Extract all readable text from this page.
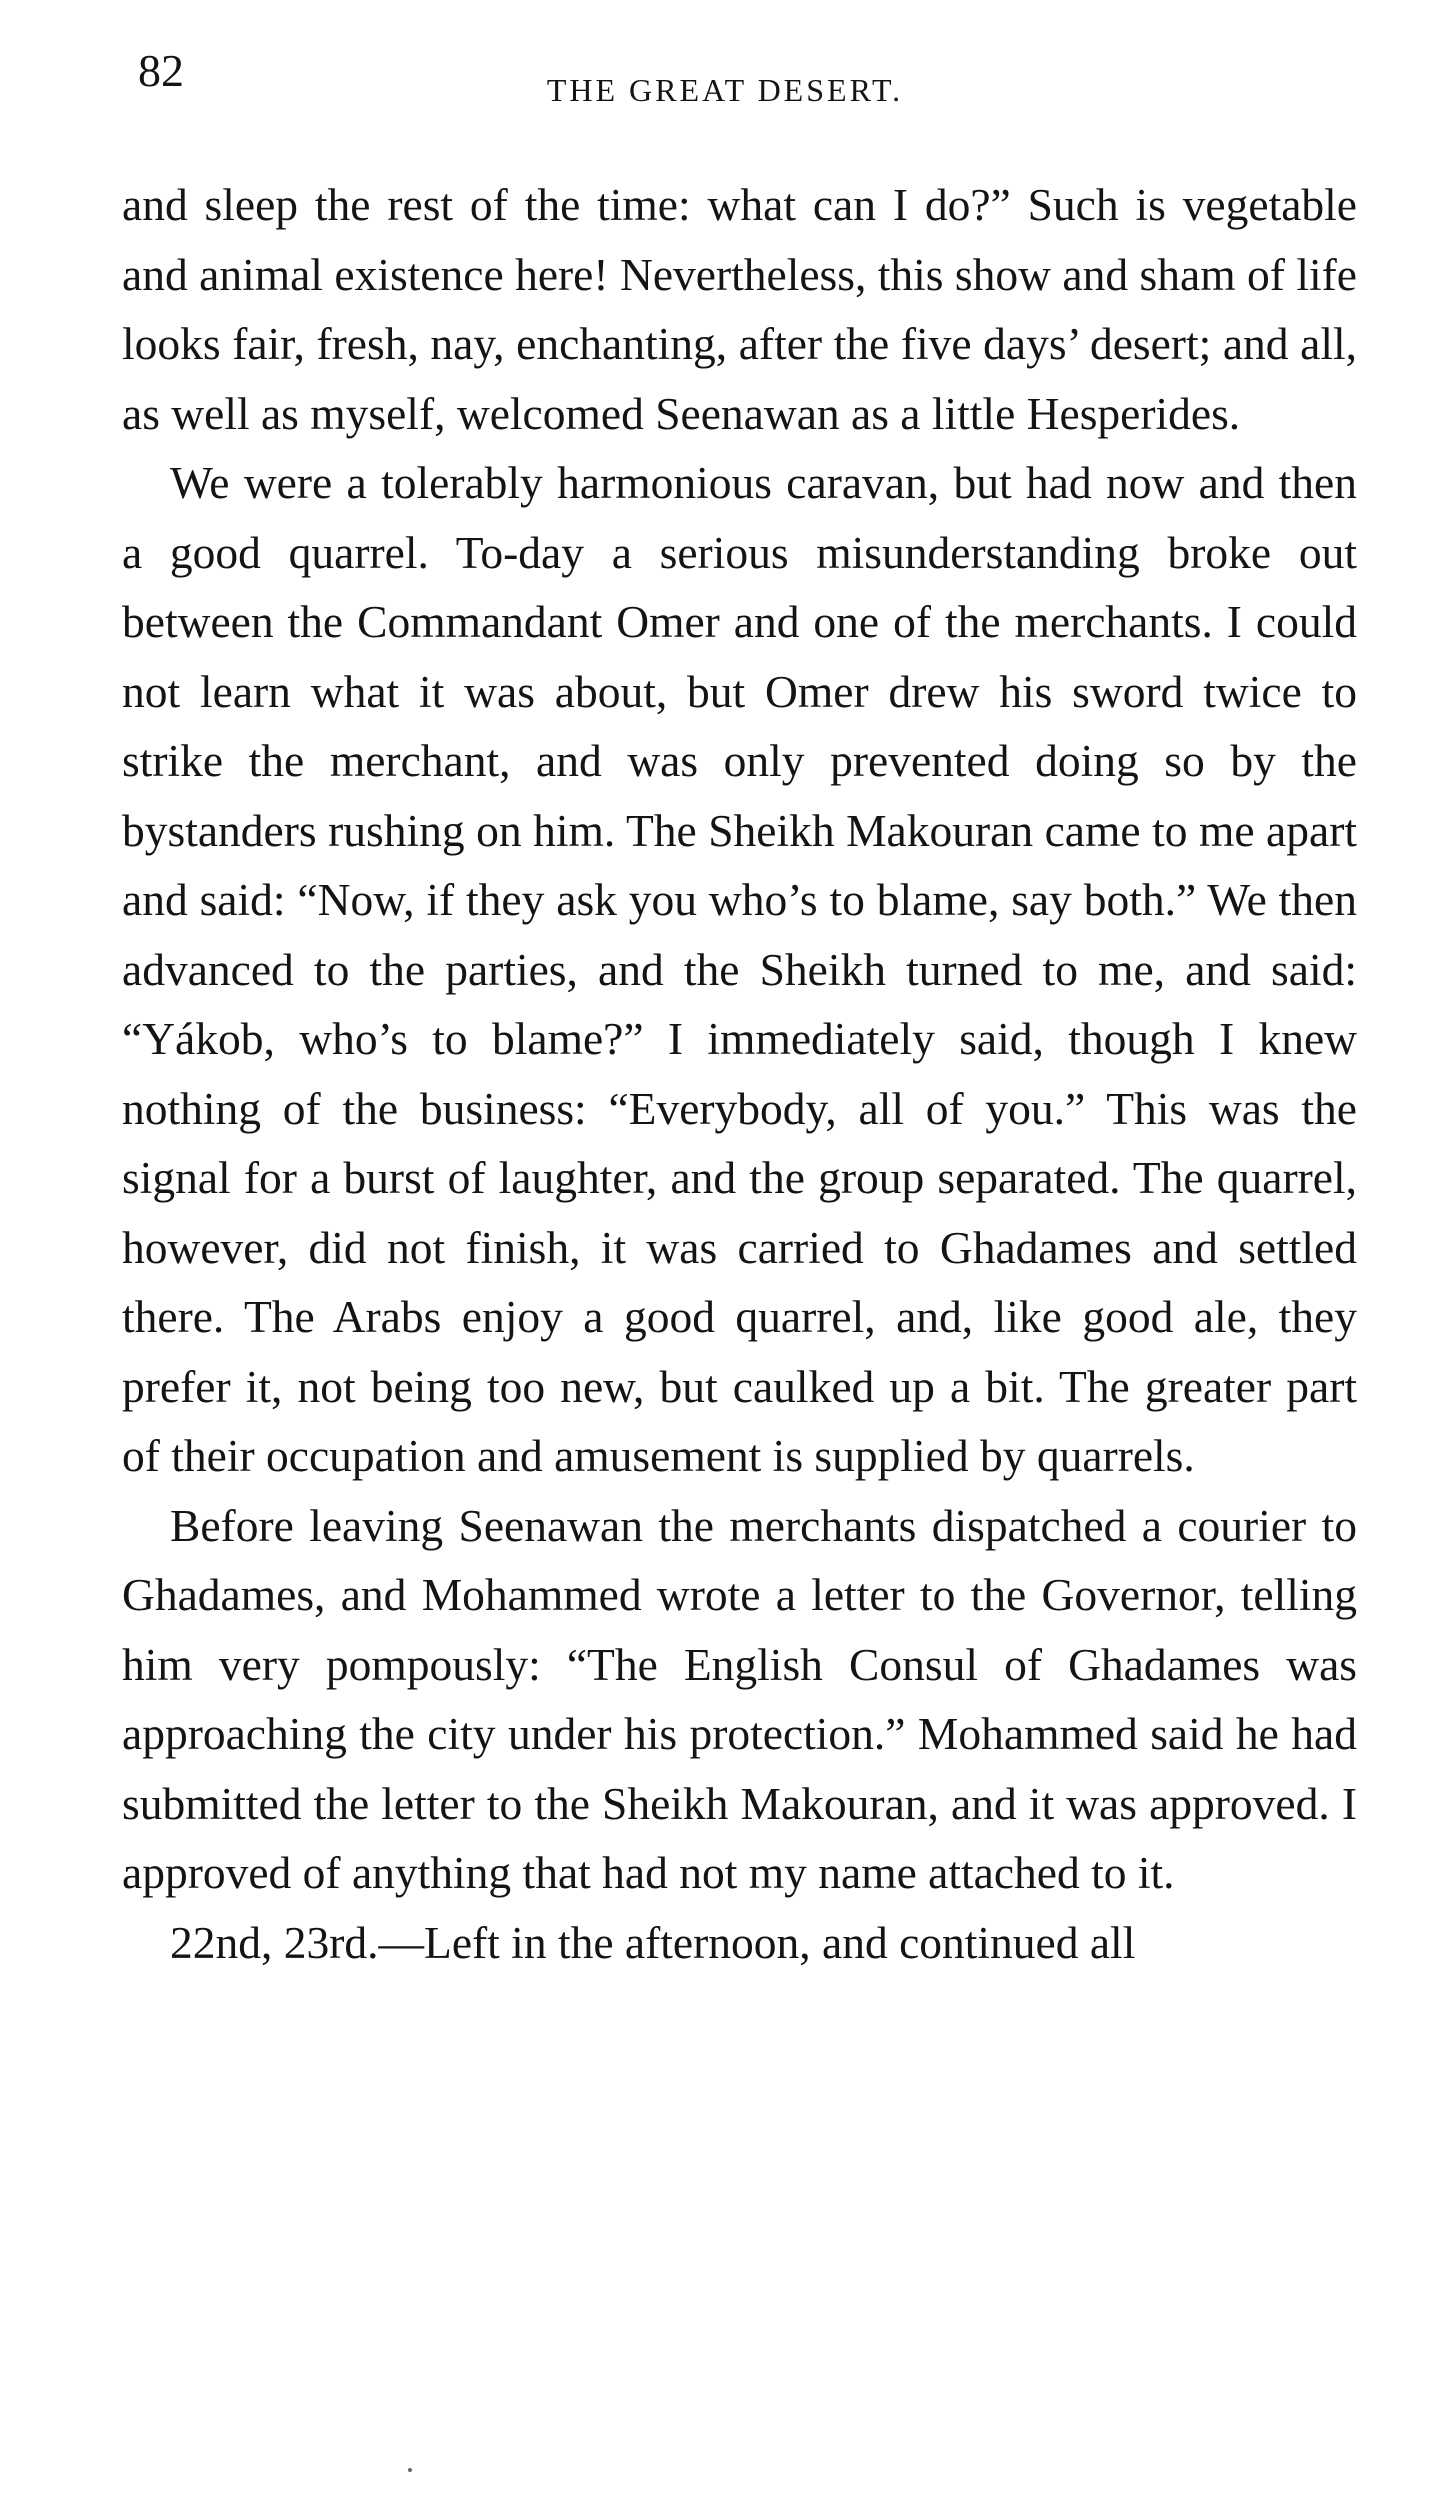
82	THE GREAT DESERT.

and sleep the rest of the time: what can I do?” Such is vegetable and animal existence here! Nevertheless, this show and sham of life looks fair, fresh, nay, enchanting, after the five days’ desert; and all, as well as myself, welcomed Seenawan as a little Hesperides.

We were a tolerably harmonious caravan, but had now and then a good quarrel. To-day a serious misunderstanding broke out between the Commandant Omer and one of the merchants. I could not learn what it was about, but Omer drew his sword twice to strike the merchant, and was only prevented doing so by the bystanders rushing on him. The Sheikh Makouran came to me apart and said: “Now, if they ask you who’s to blame, say both.” We then advanced to the parties, and the Sheikh turned to me, and said: “Yákob, who’s to blame?” I immediately said, though I knew nothing of the business: “Everybody, all of you.” This was the signal for a burst of laughter, and the group separated. The quarrel, however, did not finish, it was carried to Ghadames and settled there. The Arabs enjoy a good quarrel, and, like good ale, they prefer it, not being too new, but caulked up a bit. The greater part of their occupation and amusement is supplied by quarrels.

Before leaving Seenawan the merchants dispatched a courier to Ghadames, and Mohammed wrote a letter to the Governor, telling him very pompously: “The English Consul of Ghadames was approaching the city under his protection.” Mohammed said he had submitted the letter to the Sheikh Makouran, and it was approved. I approved of anything that had not my name attached to it.

22nd, 23rd.—Left in the afternoon, and continued all
